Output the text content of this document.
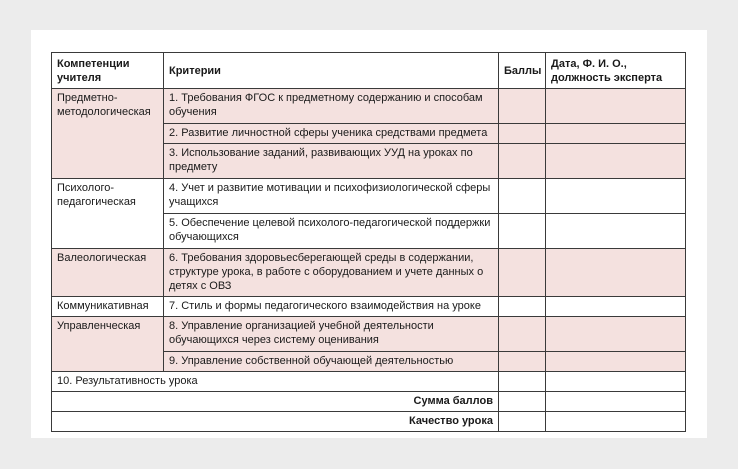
Компетенции учителя	Критерии	Баллы	Дата, Ф. И. О., должность эксперта
Предметно-методологическая	1. Требования ФГОС к предметному содержанию и способам обучения		
	2. Развитие личностной сферы ученика средствами предмета		
	3. Использование заданий, развивающих УУД на уроках по предмету		
Психолого-педагогическая	4. Учет и развитие мотивации и психофизиологической сферы учащихся		
	5. Обеспечение целевой психолого-педагогической поддержки обучающихся		
Валеологическая	6. Требования здоровьесберегающей среды в содержании, структуре урока, в работе с оборудованием и учете данных о детях с ОВЗ		
Коммуникативная	7. Стиль и формы педагогического взаимодействия на уроке		
Управленческая	8. Управление организацией учебной деятельности обучающихся через систему оценивания		
	9. Управление собственной обучающей деятельностью		
10. Результативность урока			
Сумма баллов			
Качество урока			
